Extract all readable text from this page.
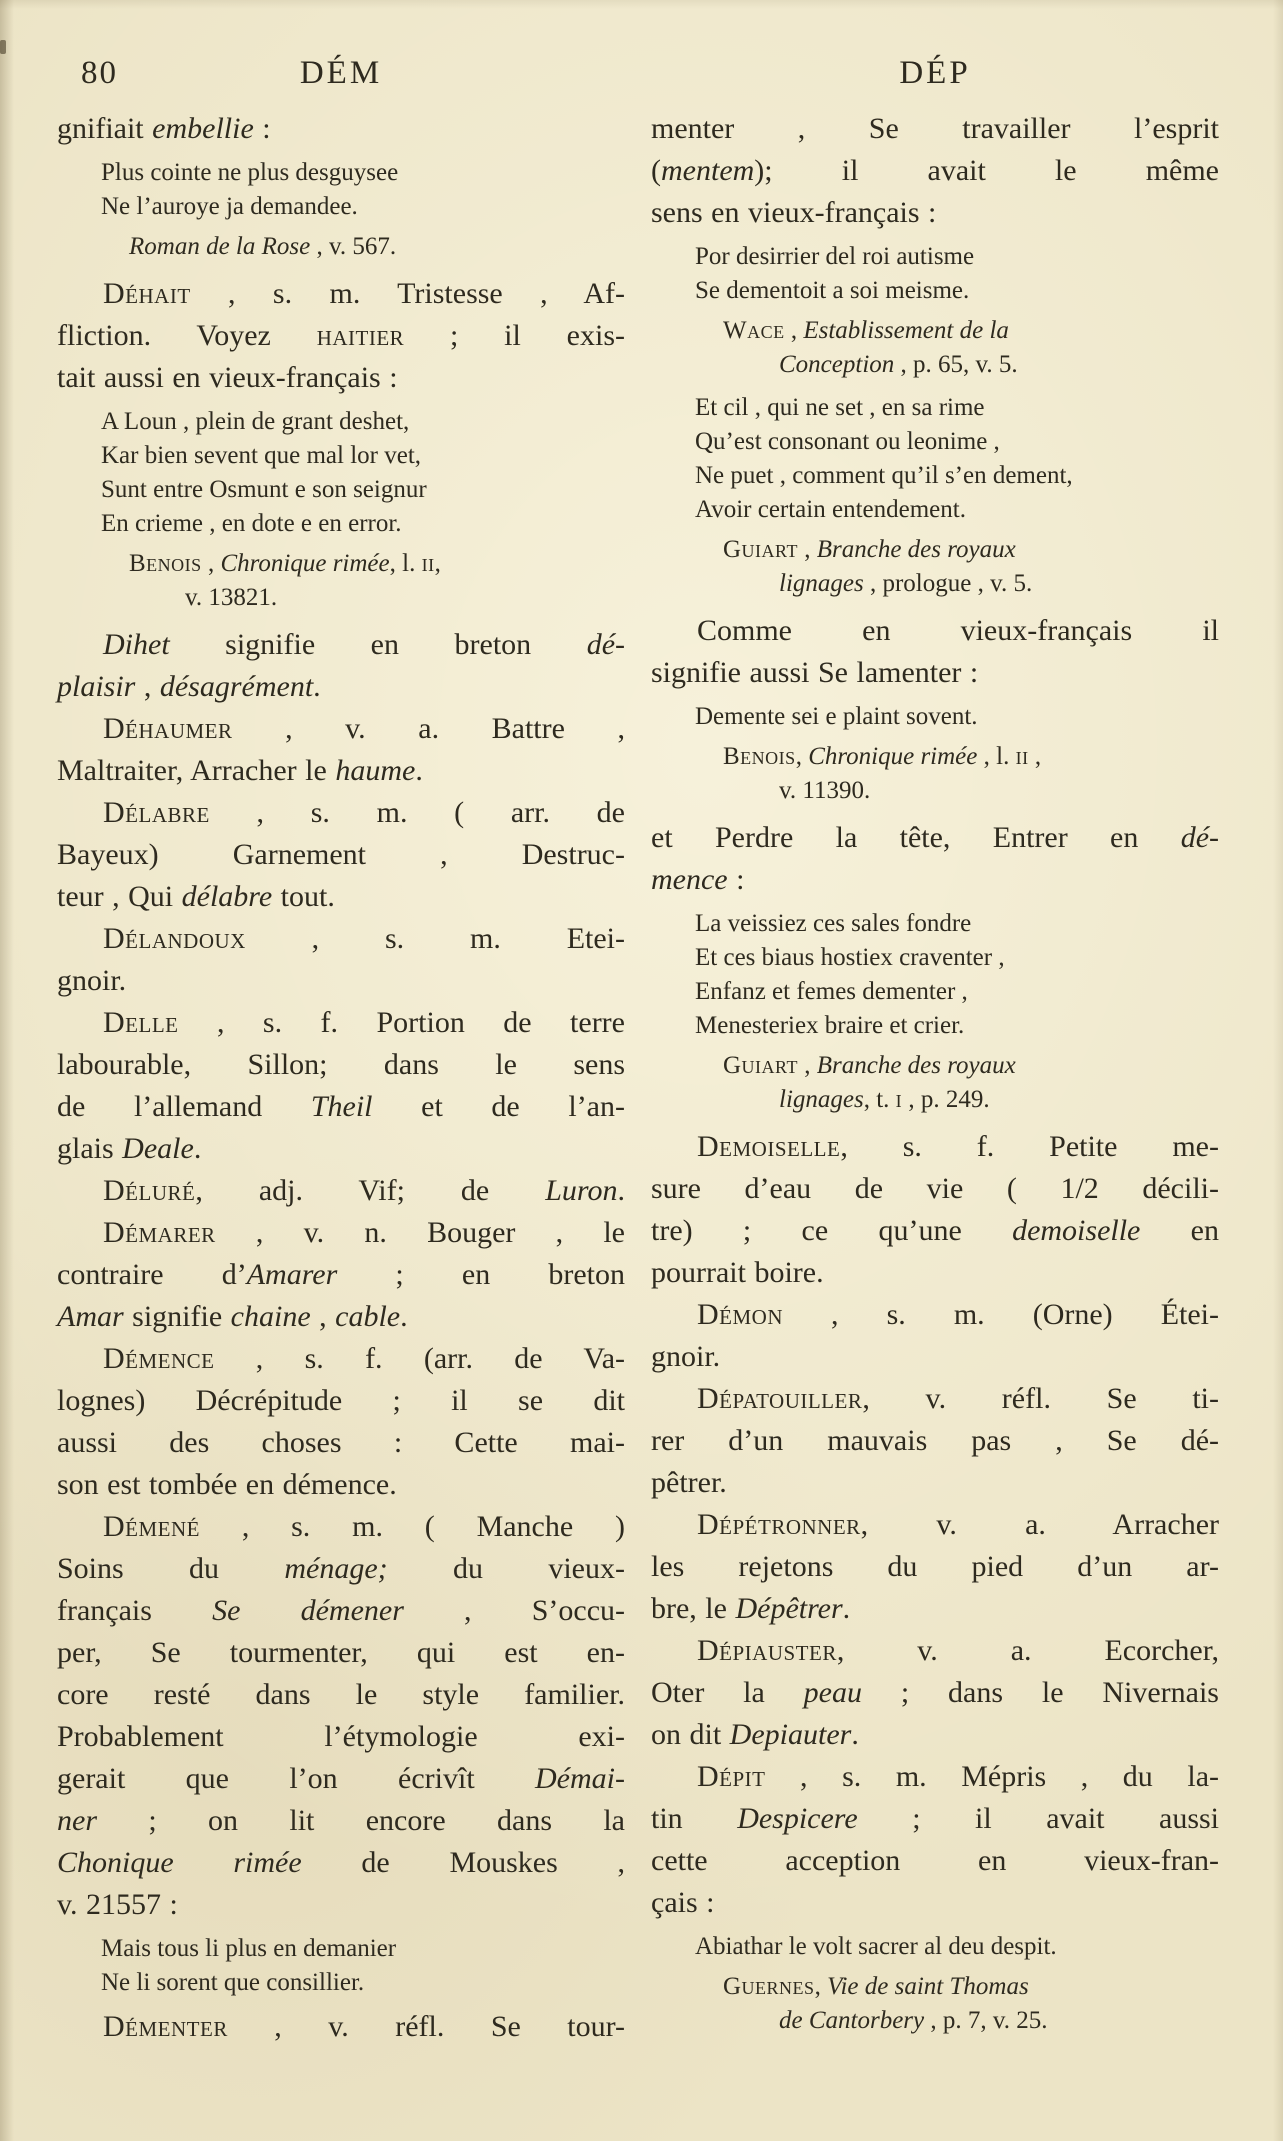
80	DÉM	DÉP
gnifiait embellie :
Plus cointe ne plus desguysee
Ne l’auroye ja demandee.
Roman de la Rose , v. 567.
Déhait , s. m. Tristesse , Af-
fliction. Voyez haitier ; il exis-
tait aussi en vieux-français :
A Loun , plein de grant deshet,
Kar bien sevent que mal lor vet,
Sunt entre Osmunt e son seignur
En crieme , en dote e en error.
Benois , Chronique rimée, l. ii,
v. 13821.
Dihet signifie en breton dé-
plaisir , désagrément.
Déhaumer , v. a. Battre ,
Maltraiter, Arracher le haume.
Délabre , s. m. ( arr. de
Bayeux) Garnement , Destruc-
teur , Qui délabre tout.
Délandoux , s. m. Etei-
gnoir.
Delle , s. f. Portion de terre
labourable, Sillon; dans le sens
de l’allemand Theil et de l’an-
glais Deale.
Déluré, adj. Vif; de Luron.
Démarer , v. n. Bouger , le
contraire d’Amarer ; en breton
Amar signifie chaine , cable.
Démence , s. f. (arr. de Va-
lognes) Décrépitude ; il se dit
aussi des choses : Cette mai-
son est tombée en démence.
Démené , s. m. ( Manche )
Soins du ménage; du vieux-
français Se démener , S’occu-
per, Se tourmenter, qui est en-
core resté dans le style familier.
Probablement l’étymologie exi-
gerait que l’on écrivît Démai-
ner ; on lit encore dans la
Chonique rimée de Mouskes ,
v. 21557 :
Mais tous li plus en demanier
Ne li sorent que consillier.
Démenter , v. réfl. Se tour-
menter , Se travailler l’esprit
(mentem); il avait le même
sens en vieux-français :
Por desirrier del roi autisme
Se dementoit a soi meisme.
Wace , Establissement de la
Conception , p. 65, v. 5.
Et cil , qui ne set , en sa rime
Qu’est consonant ou leonime ,
Ne puet , comment qu’il s’en dement,
Avoir certain entendement.
Guiart , Branche des royaux
lignages , prologue , v. 5.
Comme en vieux-français il
signifie aussi Se lamenter :
Demente sei e plaint sovent.
Benois, Chronique rimée , l. ii ,
v. 11390.
et Perdre la tête, Entrer en dé-
mence :
La veissiez ces sales fondre
Et ces biaus hostiex craventer ,
Enfanz et femes dementer ,
Menesteriex braire et crier.
Guiart , Branche des royaux
lignages, t. i , p. 249.
Demoiselle, s. f. Petite me-
sure d’eau de vie ( 1/2 décili-
tre) ; ce qu’une demoiselle en
pourrait boire.
Démon , s. m. (Orne) Étei-
gnoir.
Dépatouiller, v. réfl. Se ti-
rer d’un mauvais pas , Se dé-
pêtrer.
Dépétronner, v. a. Arracher
les rejetons du pied d’un ar-
bre, le Dépêtrer.
Dépiauster, v. a. Ecorcher,
Oter la peau ; dans le Nivernais
on dit Depiauter.
Dépit , s. m. Mépris , du la-
tin Despicere ; il avait aussi
cette acception en vieux-fran-
çais :
Abiathar le volt sacrer al deu despit.
Guernes, Vie de saint Thomas
de Cantorbery , p. 7, v. 25.
